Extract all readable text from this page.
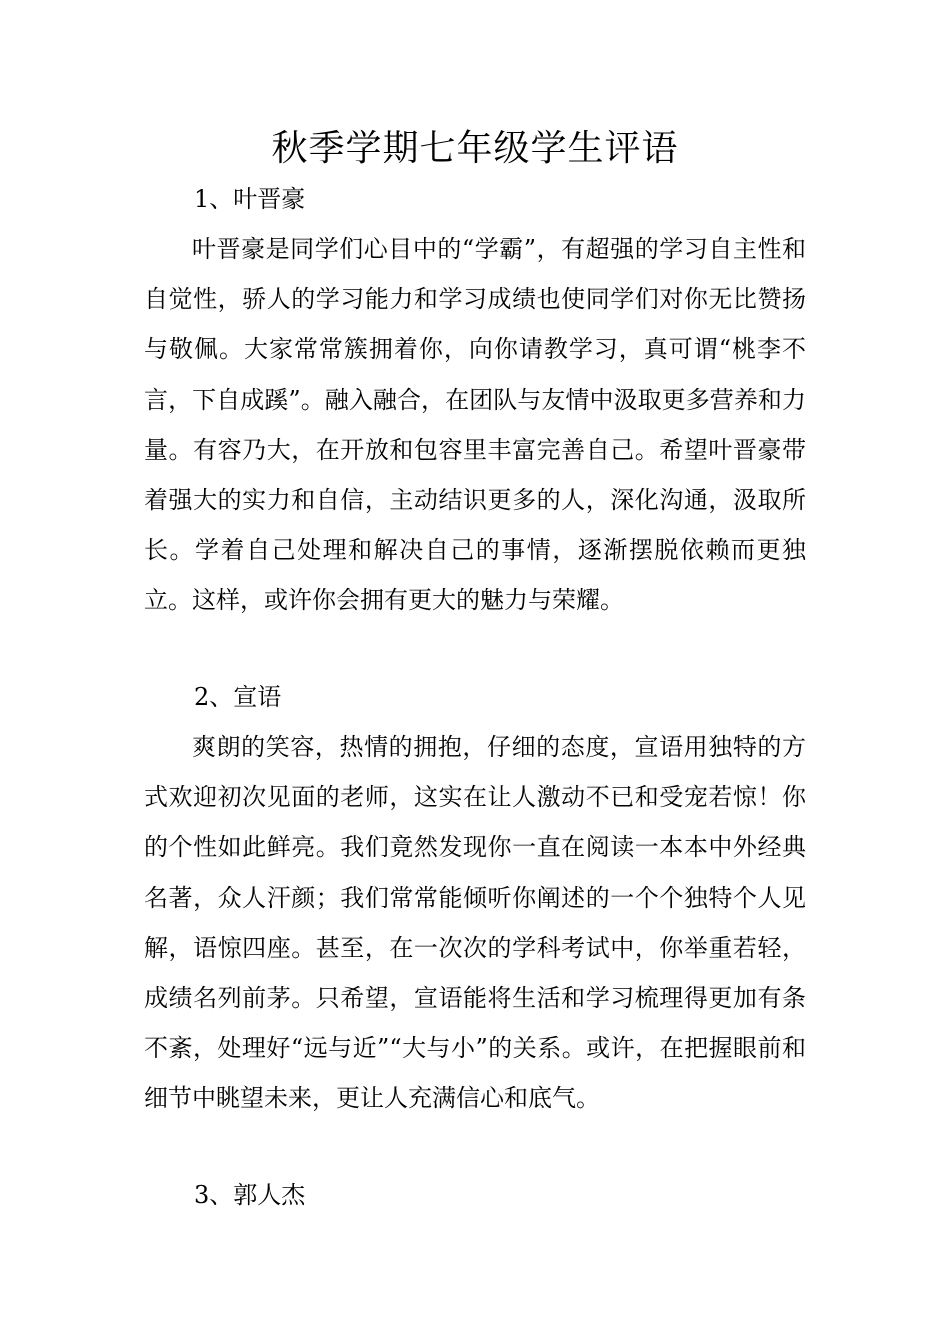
秋季学期七年级学生评语

1、叶晋豪

叶晋豪是同学们心目中的“学霸”，有超强的学习自主性和自觉性，骄人的学习能力和学习成绩也使同学们对你无比赞扬与敬佩。大家常常簇拥着你，向你请教学习，真可谓“桃李不言，下自成蹊”。融入融合，在团队与友情中汲取更多营养和力量。有容乃大，在开放和包容里丰富完善自己。希望叶晋豪带着强大的实力和自信，主动结识更多的人，深化沟通，汲取所长。学着自己处理和解决自己的事情，逐渐摆脱依赖而更独立。这样，或许你会拥有更大的魅力与荣耀。

2、宣语

爽朗的笑容，热情的拥抱，仔细的态度，宣语用独特的方式欢迎初次见面的老师，这实在让人激动不已和受宠若惊！你的个性如此鲜亮。我们竟然发现你一直在阅读一本本中外经典名著，众人汗颜；我们常常能倾听你阐述的一个个独特个人见解，语惊四座。甚至，在一次次的学科考试中，你举重若轻，成绩名列前茅。只希望，宣语能将生活和学习梳理得更加有条不紊，处理好“远与近”“大与小”的关系。或许，在把握眼前和细节中眺望未来，更让人充满信心和底气。

3、郭人杰
